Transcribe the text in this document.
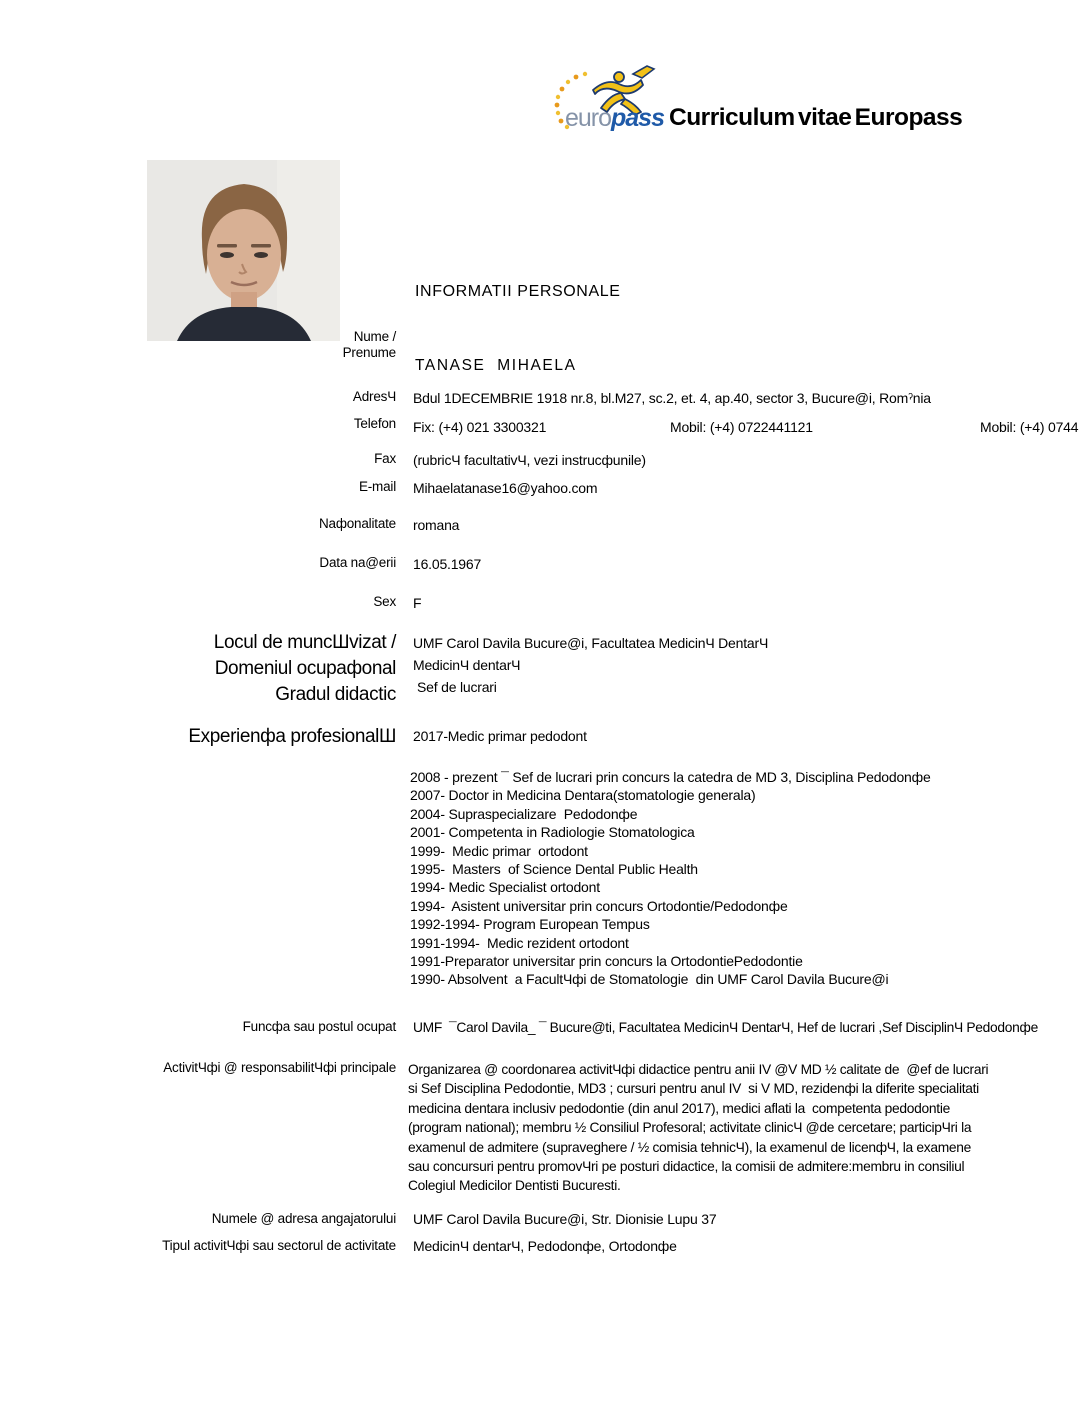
euro pass Curriculum vitae Europass
INFORMATII PERSONALE
Nume /
Prenume
TANASE  MIHAELA
AdresЧ Bdul 1DECEMBRIE 1918 nr.8, bl.M27, sc.2, et. 4, ap.40, sector 3, Bucure@i, Romˀnia
Telefon Fix: (+4) 021 3300321	Mobil: (+4) 0722441121	Mobil: (+4) 0744
Fax (rubricЧ facultativЧ, vezi instrucфunile)
E-mail Mihaelatanase16@yahoo.com
Naфonalitate romana
Data na@erii 16.05.1967
Sex F
Locul de muncШvizat /
Domeniul ocupaфonal
Gradul didactic
UMF Carol Davila Bucure@i, Facultatea MedicinЧ DentarЧ
MedicinЧ dentarЧ
Sef de lucrari
Experienфa profesionalШ 2017-Medic primar pedodont
2008 - prezent ¯ Sef de lucrari prin concurs la catedra de MD 3, Disciplina Pedodonфe
2007- Doctor in Medicina Dentara(stomatologie generala)
2004- Supraspecializare  Pedodonфe
2001- Competenta in Radiologie Stomatologica
1999-  Medic primar  ortodont
1995-  Masters  of Science Dental Public Health
1994- Medic Specialist ortodont
1994-  Asistent universitar prin concurs Ortodontie/Pedodonфe
1992-1994- Program European Tempus
1991-1994-  Medic rezident ortodont
1991-Preparator universitar prin concurs la OrtodontiePedodontie
1990- Absolvent  a FacultЧфi de Stomatologie  din UMF Carol Davila Bucure@i
Funcфa sau postul ocupat UMF  ¯Carol Davila_ ¯ Bucure@ti, Facultatea MedicinЧ DentarЧ, Hef de lucrari ,Sef DisciplinЧ Pedodonфe
ActivitЧфi @ responsabilitЧфi principale Organizarea @ coordonarea activitЧфi didactice pentru anii IV @V MD ½ calitate de  @ef de lucrari
si Sef Disciplina Pedodontie, MD3 ; cursuri pentru anul IV  si V MD, rezidenфi la diferite specialitati
medicina dentara inclusiv pedodontie (din anul 2017), medici aflati la  competenta pedodontie
(program national); membru ½ Consiliul Profesoral; activitate clinicЧ @de cercetare; participЧri la
examenul de admitere (supraveghere / ½ comisia tehnicЧ), la examenul de licenфЧ, la examene
sau concursuri pentru promovЧri pe posturi didactice, la comisii de admitere:membru in consiliul
Colegiul Medicilor Dentisti Bucuresti.
Numele @ adresa angajatorului UMF Carol Davila Bucure@i, Str. Dionisie Lupu 37
Tipul activitЧфi sau sectorul de activitate MedicinЧ dentarЧ, Pedodonфe, Ortodonфe
